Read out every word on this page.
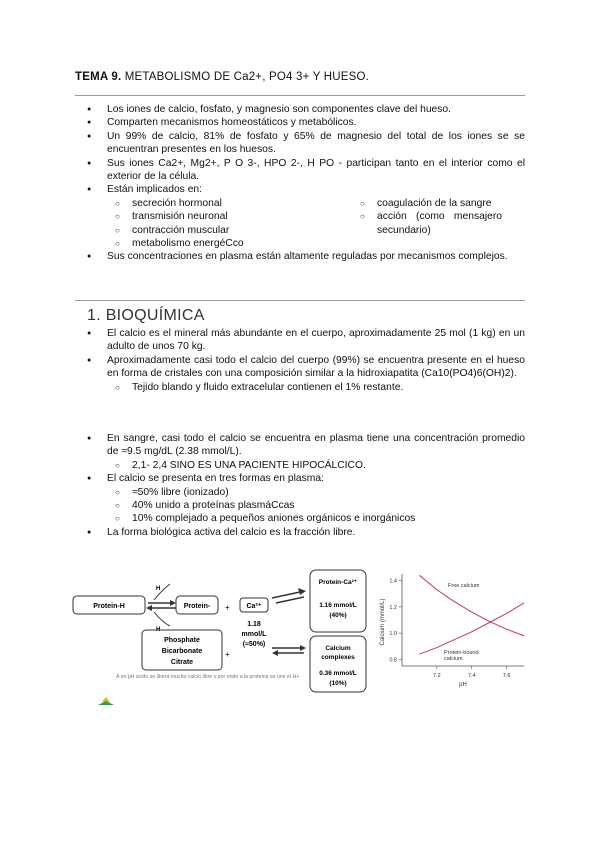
TEMA 9. METABOLISMO DE Ca2+, PO4 3+ Y HUESO.
● Los iones de calcio, fosfato, y magnesio son componentes clave del hueso.
● Comparten mecanismos homeostáticos y metabólicos.
● Un 99% de calcio, 81% de fosfato y 65% de magnesio del total de los iones se se encuentran presentes en los huesos.
● Sus iones Ca2+, Mg2+, P O 3-, HPO 2-, H PO - participan tanto en el interior como el exterior de la célula.
● Están implicados en:
○ secreción hormonal
○ transmisión neuronal
○ contracción muscular
○ metabolismo energéCco
○ coagulación de la sangre
○ acción (como mensajero secundario)
● Sus concentraciones en plasma están altamente reguladas por mecanismos complejos.
1. BIOQUÍMICA
● El calcio es el mineral más abundante en el cuerpo, aproximadamente 25 mol (1 kg) en un adulto de unos 70 kg.
● Aproximadamente casi todo el calcio del cuerpo (99%) se encuentra presente en el hueso en forma de cristales con una composición similar a la hidroxiapatita (Ca10(PO4)6(OH)2).
○ Tejido blando y fluido extracelular contienen el 1% restante.
● En sangre, casi todo el calcio se encuentra en plasma tiene una concentración promedio de ≈9.5 mg/dL (2.38 mmol/L).
○ 2,1- 2,4 SINO ES UNA PACIENTE HIPOCÁLCICO.
● El calcio se presenta en tres formas en plasma:
○ ≈50% libre (ionizado)
○ 40% unido a proteínas plasmáCcas
○ 10% complejado a pequeños aniones orgánicos e inorgánicos
● La forma biológica activa del calcio es la fracción libre.
Protein-H
H
H
Protein- +
+
Ca²⁺
1.18
mmol/L
(≈50%)
Phosphate
Bicarbonate
Citrate
Protein-Ca²⁺
1.16 mmol/L
(40%)
Calcium
complexes
0.36 mmol/L
(10%)
A un pH ácido se libera mucho calcio libre y por ende a la proteína se une el H+
Calcium (mmol/L)
pH
0.8
1.0
1.2
1.4
7.2	7.4	7.6
Free calcium
Protein-bound calcium
